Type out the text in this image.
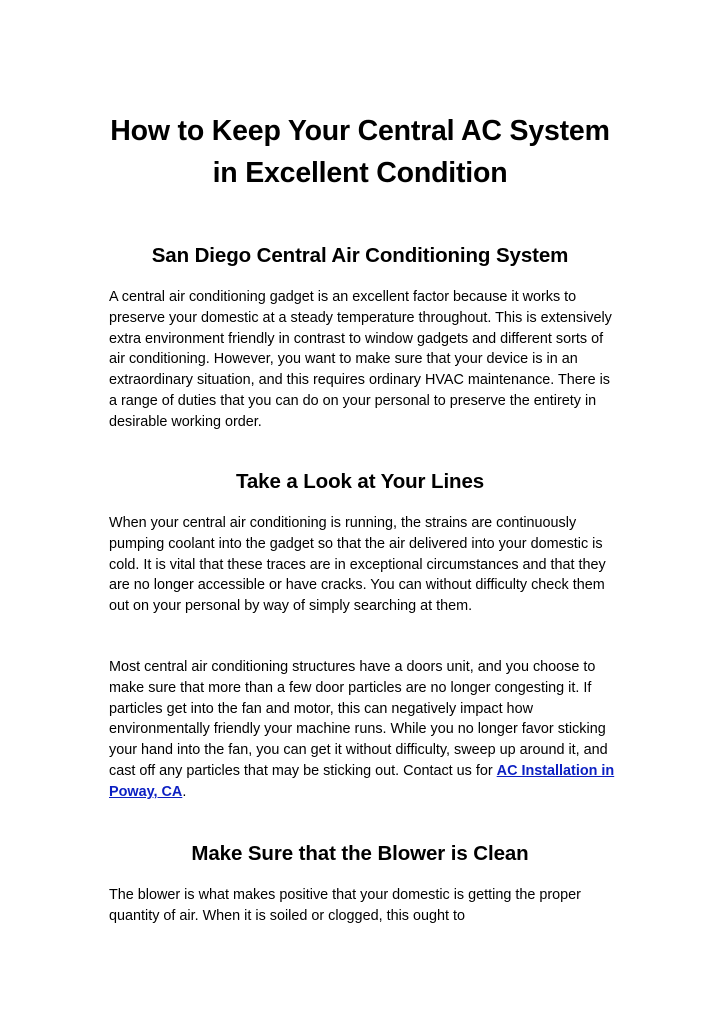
How to Keep Your Central AC System
in Excellent Condition
San Diego Central Air Conditioning System

A central air conditioning gadget is an excellent factor because it works to preserve your domestic at a steady temperature throughout. This is extensively extra environment friendly in contrast to window gadgets and different sorts of air conditioning. However, you want to make sure that your device is in an extraordinary situation, and this requires ordinary HVAC maintenance. There is a range of duties that you can do on your personal to preserve the entirety in desirable working order.

Take a Look at Your Lines

When your central air conditioning is running, the strains are continuously pumping coolant into the gadget so that the air delivered into your domestic is cold. It is vital that these traces are in exceptional circumstances and that they are no longer accessible or have cracks. You can without difficulty check them out on your personal by way of simply searching at them.

Most central air conditioning structures have a doors unit, and you choose to make sure that more than a few door particles are no longer congesting it. If particles get into the fan and motor, this can negatively impact how environmentally friendly your machine runs. While you no longer favor sticking your hand into the fan, you can get it without difficulty, sweep up around it, and cast off any particles that may be sticking out. Contact us for AC Installation in Poway, CA.

Make Sure that the Blower is Clean

The blower is what makes positive that your domestic is getting the proper quantity of air. When it is soiled or clogged, this ought to
